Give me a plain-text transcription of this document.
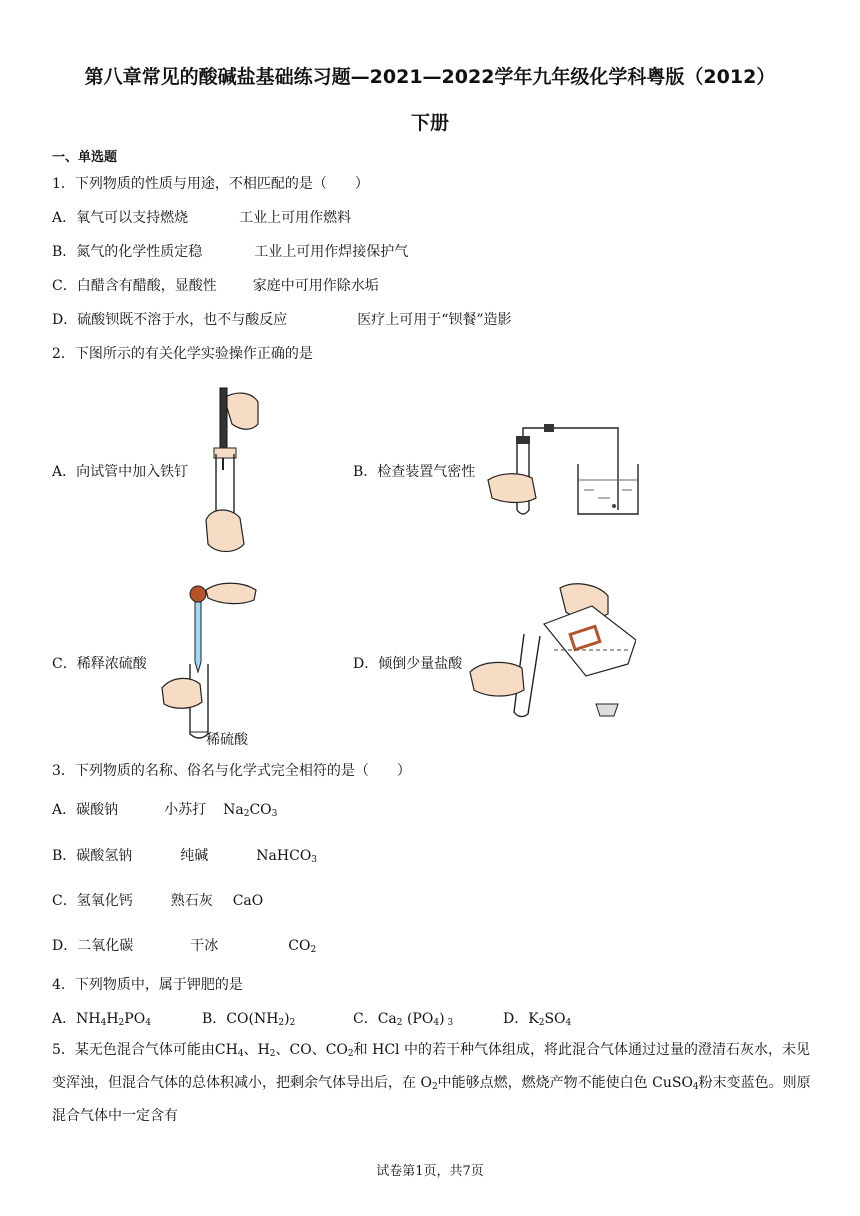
第八章常见的酸碱盐基础练习题—2021—2022学年九年级化学科粤版（2012）
下册
一、单选题
1．下列物质的性质与用途，不相匹配的是（　　）
A．氧气可以支持燃烧	工业上可用作燃料
B．氮气的化学性质定稳	工业上可用作焊接保护气
C．白醋含有醋酸，显酸性	家庭中可用作除水垢
D．硫酸钡既不溶于水，也不与酸反应	医疗上可用于“钡餐”造影
2．下图所示的有关化学实验操作正确的是
A．向试管中加入铁钉	B．检查装置气密性
C．稀释浓硫酸
稀硫酸
D．倾倒少量盐酸
3．下列物质的名称、俗名与化学式完全相符的是（　　）
A．碳酸钠	小苏打 $Na_2CO_3$
B．碳酸氢钠	纯碱	NaHCO$_3$
C．氢氧化钙	熟石灰 CaO
D．二氧化碳	干冰	$CO_2$
4．下列物质中，属于钾肥的是
A．$NH_4H_2PO_4$	B．$CO(NH_2)_2$	C．$Ca_2$ $(PO_4)$ $_3$	D．$K_2SO_4$
5．某无色混合气体可能由$CH_4$、$H_2$、CO、$CO_2$和 HCl 中的若干种气体组成，将此混合气体通过过量的澄清石灰水，未见变浑浊，但混合气体的总体积减小，把剩余气体导出后，在 $O_2$中能够点燃，燃烧产物不能使白色 CuSO$_4$粉末变蓝色。则原混合气体中一定含有
试卷第1页，共7页
